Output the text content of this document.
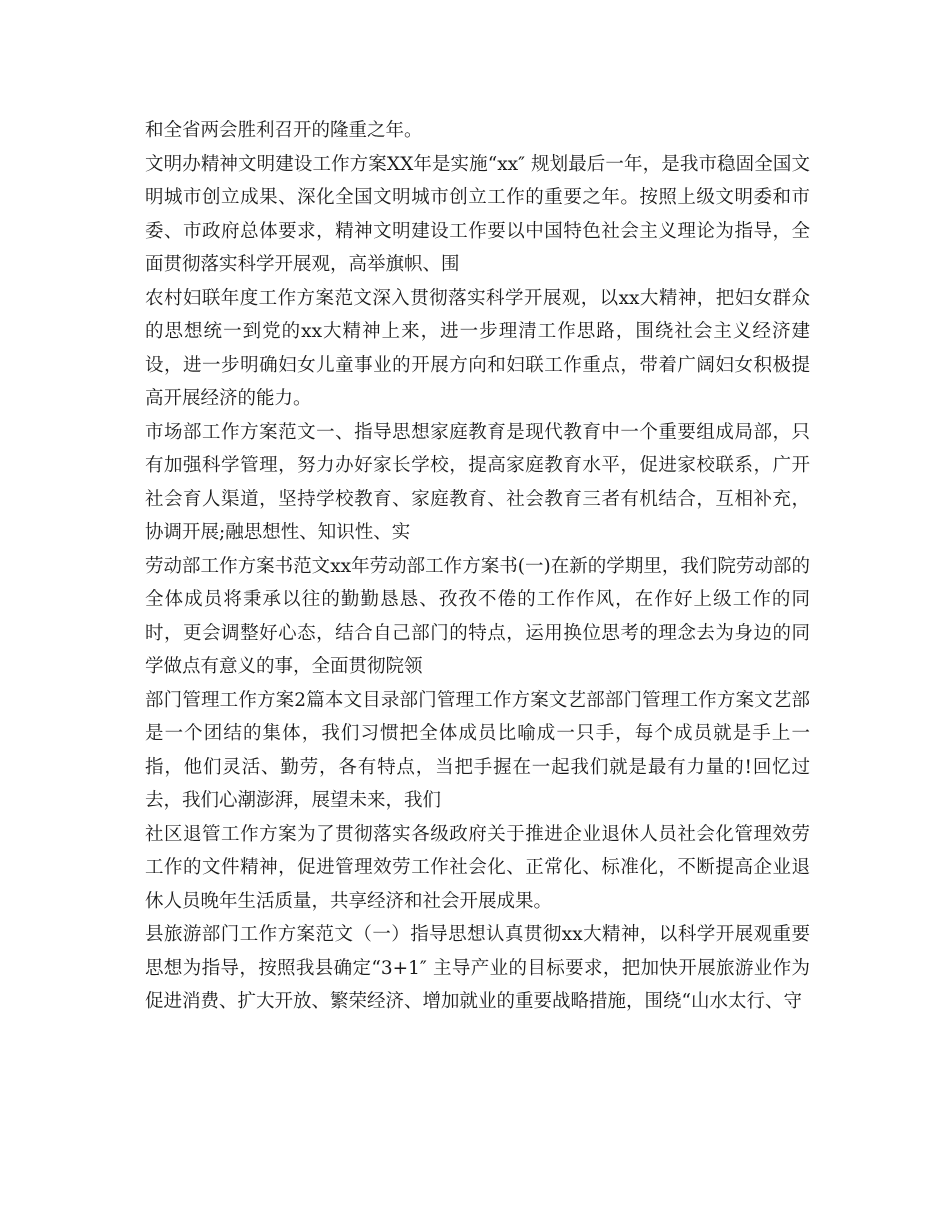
和全省两会胜利召开的隆重之年。

文明办精神文明建设工作方案XX年是实施“xx″ 规划最后一年，是我市稳固全国文明城市创立成果、深化全国文明城市创立工作的重要之年。按照上级文明委和市委、市政府总体要求，精神文明建设工作要以中国特色社会主义理论为指导，全面贯彻落实科学开展观，高举旗帜、围

农村妇联年度工作方案范文深入贯彻落实科学开展观，以xx大精神，把妇女群众的思想统一到党的xx大精神上来，进一步理清工作思路，围绕社会主义经济建设，进一步明确妇女儿童事业的开展方向和妇联工作重点，带着广阔妇女积极提高开展经济的能力。

市场部工作方案范文一、指导思想家庭教育是现代教育中一个重要组成局部，只有加强科学管理，努力办好家长学校，提高家庭教育水平，促进家校联系，广开社会育人渠道，坚持学校教育、家庭教育、社会教育三者有机结合，互相补充，协调开展;融思想性、知识性、实

劳动部工作方案书范文xx年劳动部工作方案书(一)在新的学期里，我们院劳动部的全体成员将秉承以往的勤勤恳恳、孜孜不倦的工作作风，在作好上级工作的同时，更会调整好心态，结合自己部门的特点，运用换位思考的理念去为身边的同学做点有意义的事，全面贯彻院领

部门管理工作方案2篇本文目录部门管理工作方案文艺部部门管理工作方案文艺部是一个团结的集体，我们习惯把全体成员比喻成一只手，每个成员就是手上一指，他们灵活、勤劳，各有特点，当把手握在一起我们就是最有力量的!回忆过去，我们心潮澎湃，展望未来，我们

社区退管工作方案为了贯彻落实各级政府关于推进企业退休人员社会化管理效劳工作的文件精神，促进管理效劳工作社会化、正常化、标准化，不断提高企业退休人员晚年生活质量，共享经济和社会开展成果。

县旅游部门工作方案范文（一）指导思想认真贯彻xx大精神，以科学开展观重要思想为指导，按照我县确定“3+1″ 主导产业的目标要求，把加快开展旅游业作为促进消费、扩大开放、繁荣经济、增加就业的重要战略措施，围绕“山水太行、守
